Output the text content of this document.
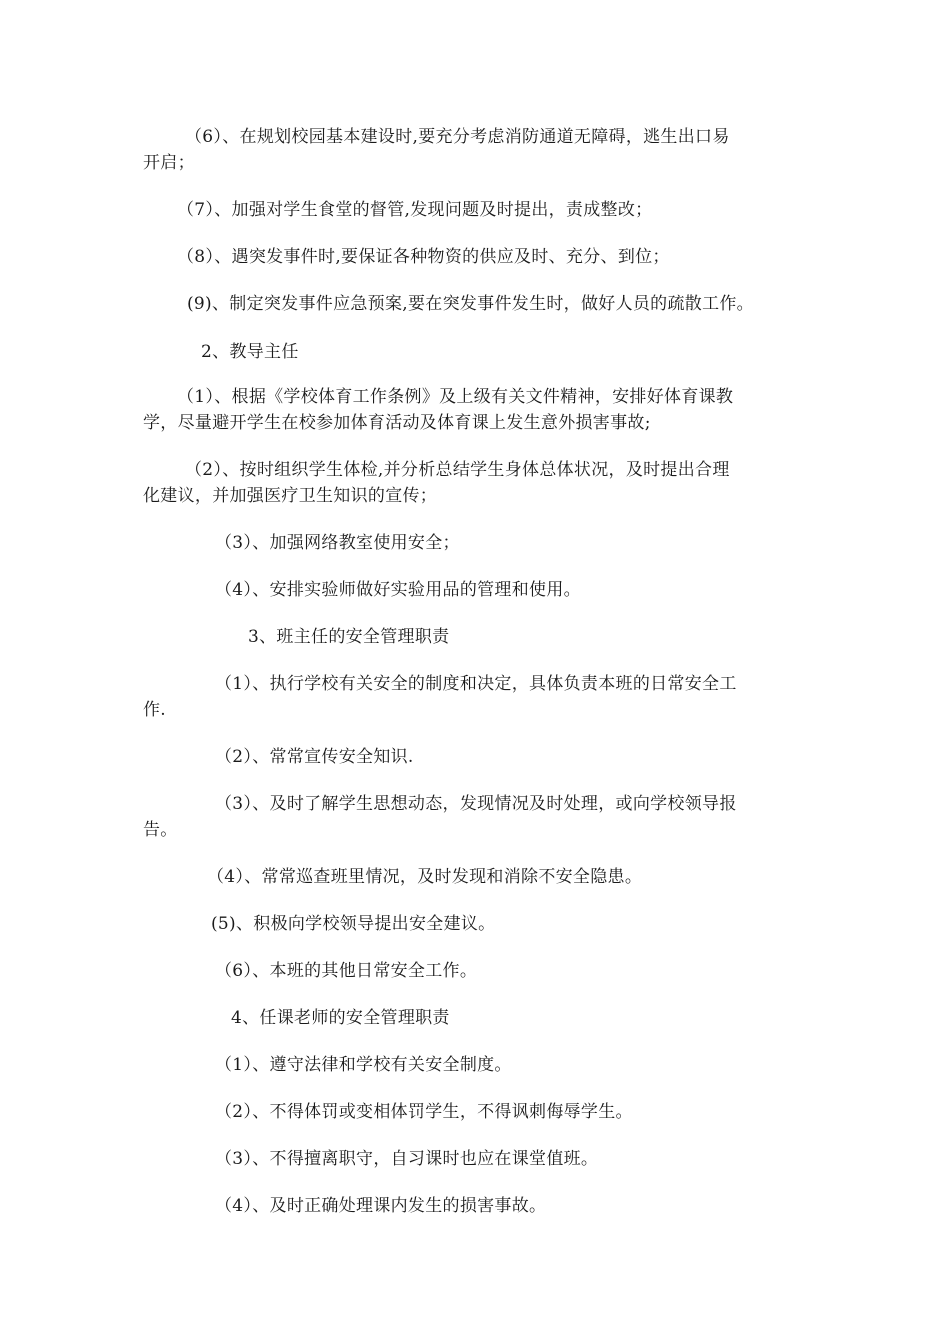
（6）、在规划校园基本建设时,要充分考虑消防通道无障碍，逃生出口易
开启；

（7）、加强对学生食堂的督管,发现问题及时提出，责成整改；

（8）、遇突发事件时,要保证各种物资的供应及时、充分、到位；

(9)、制定突发事件应急预案,要在突发事件发生时，做好人员的疏散工作。

2、教导主任

（1）、根据《学校体育工作条例》及上级有关文件精神，安排好体育课教
学，尽量避开学生在校参加体育活动及体育课上发生意外损害事故;

（2）、按时组织学生体检,并分析总结学生身体总体状况，及时提出合理
化建议，并加强医疗卫生知识的宣传；

（3）、加强网络教室使用安全；

（4）、安排实验师做好实验用品的管理和使用。

3、班主任的安全管理职责

（1）、执行学校有关安全的制度和决定，具体负责本班的日常安全工
作.

（2）、常常宣传安全知识.

（3）、及时了解学生思想动态，发现情况及时处理，或向学校领导报
告。

（4）、常常巡查班里情况，及时发现和消除不安全隐患。

(5)、积极向学校领导提出安全建议。

（6）、本班的其他日常安全工作。

4、任课老师的安全管理职责

（1）、遵守法律和学校有关安全制度。

（2）、不得体罚或变相体罚学生，不得讽刺侮辱学生。

（3）、不得擅离职守，自习课时也应在课堂值班。

（4）、及时正确处理课内发生的损害事故。
